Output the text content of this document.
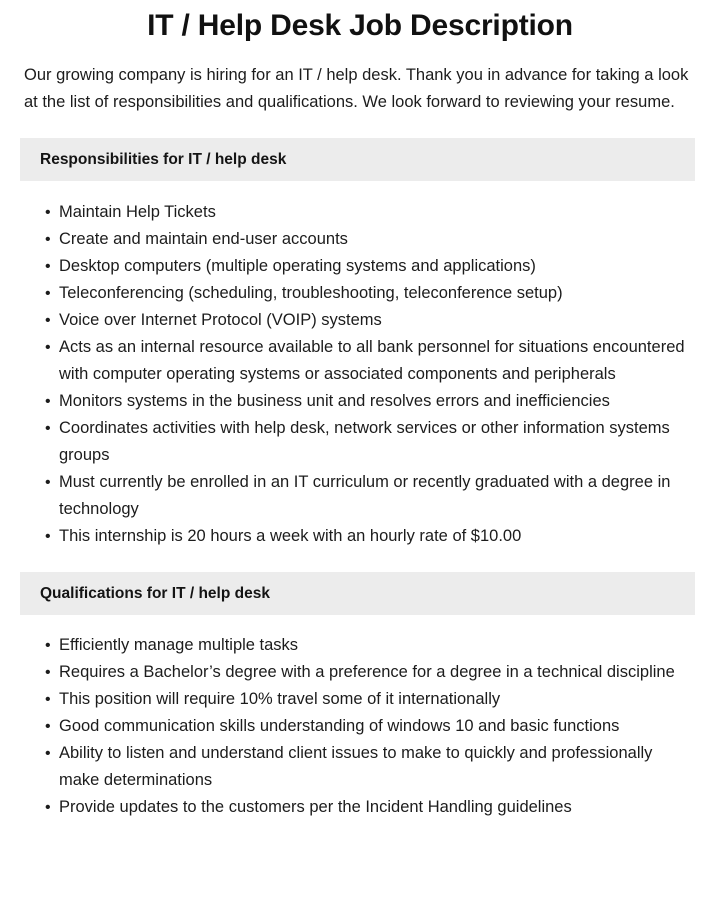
IT / Help Desk Job Description

Our growing company is hiring for an IT / help desk. Thank you in advance for taking a look at the list of responsibilities and qualifications. We look forward to reviewing your resume.

Responsibilities for IT / help desk
• Maintain Help Tickets
• Create and maintain end-user accounts
• Desktop computers (multiple operating systems and applications)
• Teleconferencing (scheduling, troubleshooting, teleconference setup)
• Voice over Internet Protocol (VOIP) systems
• Acts as an internal resource available to all bank personnel for situations encountered with computer operating systems or associated components and peripherals
• Monitors systems in the business unit and resolves errors and inefficiencies
• Coordinates activities with help desk, network services or other information systems groups
• Must currently be enrolled in an IT curriculum or recently graduated with a degree in technology
• This internship is 20 hours a week with an hourly rate of $10.00
Qualifications for IT / help desk
• Efficiently manage multiple tasks
• Requires a Bachelor’s degree with a preference for a degree in a technical discipline
• This position will require 10% travel some of it internationally
• Good communication skills understanding of windows 10 and basic functions
• Ability to listen and understand client issues to make to quickly and professionally make determinations
• Provide updates to the customers per the Incident Handling guidelines
